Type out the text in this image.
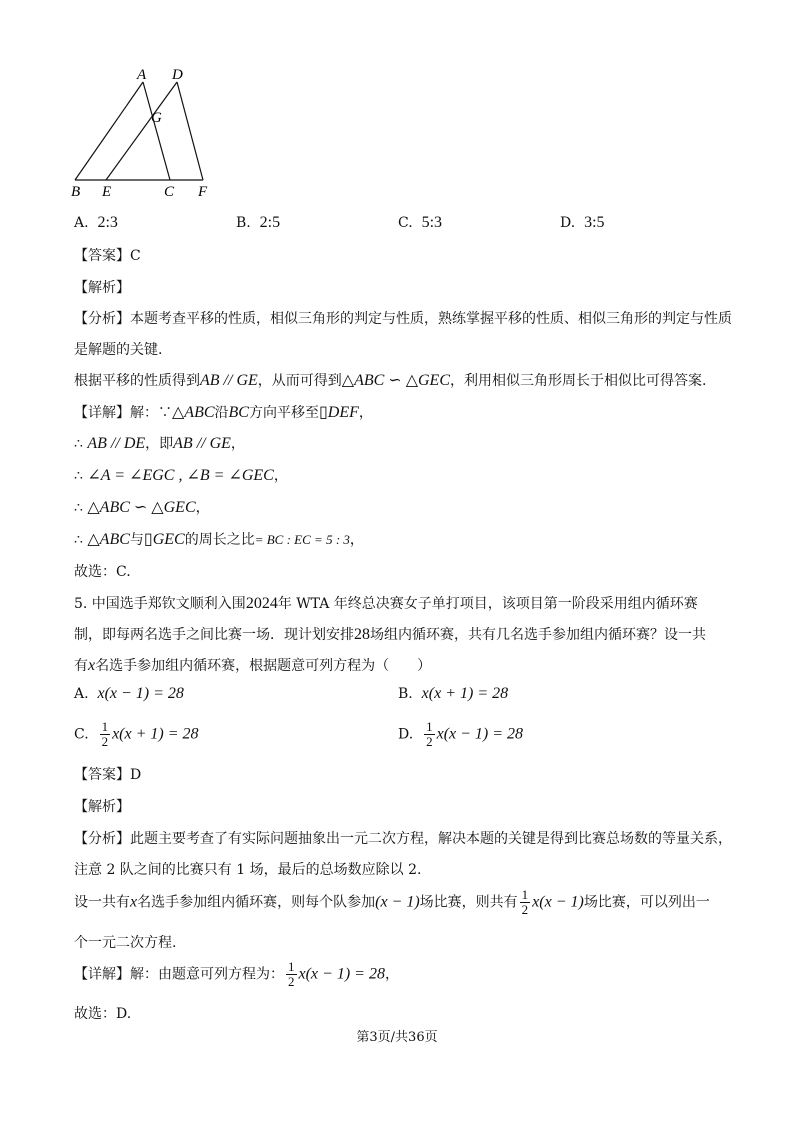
A D
G
B E	C F
A. 2:3	B. 2:5	C. 5:3	D. 3:5
【答案】C
【解析】
【分析】本题考查平移的性质，相似三角形的判定与性质，熟练掌握平移的性质、相似三角形的判定与性质
是解题的关键.
根据平移的性质得到AB // GE，从而可得到△ABC ∽ △GEC，利用相似三角形周长于相似比可得答案.
【详解】解：∵△ABC沿BC方向平移至▯DEF，
∴ AB // DE，即AB // GE，
∴ ∠A = ∠EGC , ∠B = ∠GEC，
∴ △ABC ∽ △GEC，
∴ △ABC与▯GEC的周长之比= BC : EC = 5 : 3，
故选：C.
5. 中国选手郑钦文顺利入围2024年 WTA 年终总决赛女子单打项目，该项目第一阶段采用组内循环赛
制，即每两名选手之间比赛一场．现计划安排28场组内循环赛，共有几名选手参加组内循环赛？设一共
有x名选手参加组内循环赛，根据题意可列方程为（　　）
A. x(x − 1) = 28	B. x(x + 1) = 28
C. $\frac{1}{2} x(x + 1) = 28$	D. $\frac{1}{2} x(x - 1) = 28$
【答案】D
【解析】
【分析】此题主要考查了有实际问题抽象出一元二次方程，解决本题的关键是得到比赛总场数的等量关系，
注意 2 队之间的比赛只有 1 场，最后的总场数应除以 2.
设一共有x名选手参加组内循环赛，则每个队参加(x − 1)场比赛，则共有 $\frac{1}{2} x(x - 1)$场比赛，可以列出一
个一元二次方程.
【详解】解：由题意可列方程为： $\frac{1}{2} x(x - 1) = 28$，
故选：D.
第3页/共36页
